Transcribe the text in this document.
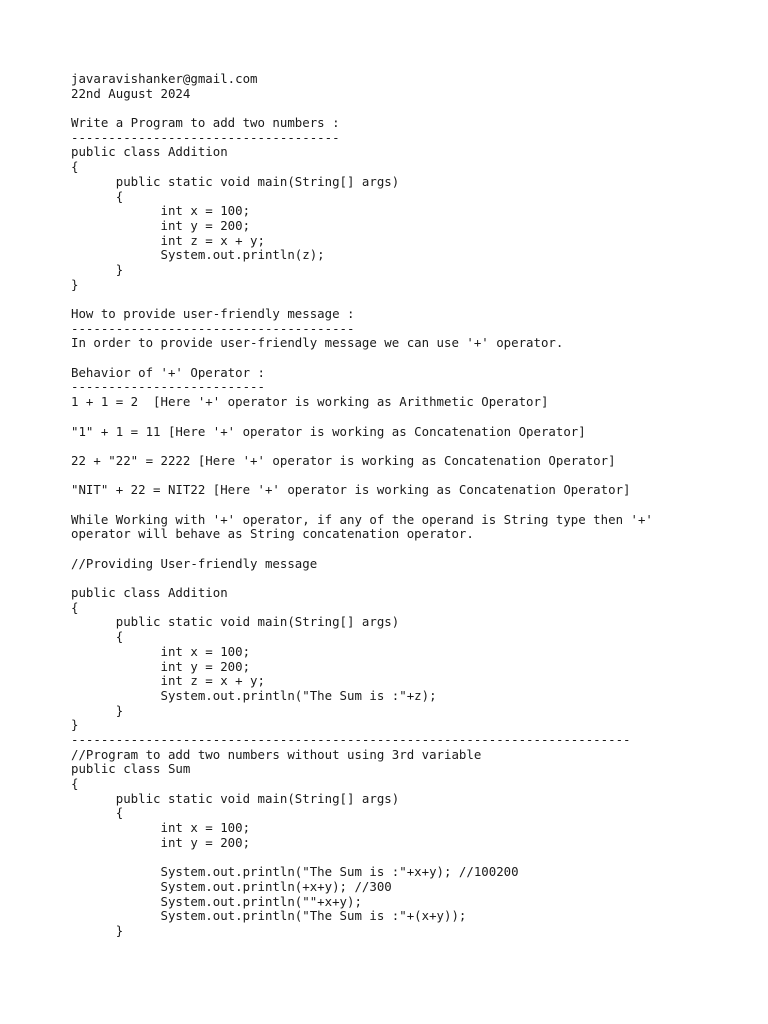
javaravishanker@gmail.com
22nd August 2024
Write a Program to add two numbers :
------------------------------------
public class Addition
{
public static void main(String[] args)
{
int x = 100;
int y = 200;
int z = x + y;
System.out.println(z);
}
}
How to provide user-friendly message :
--------------------------------------
In order to provide user-friendly message we can use '+' operator.
Behavior of '+' Operator :
--------------------------
1 + 1 = 2  [Here '+' operator is working as Arithmetic Operator]
"1" + 1 = 11 [Here '+' operator is working as Concatenation Operator]
22 + "22" = 2222 [Here '+' operator is working as Concatenation Operator]
"NIT" + 22 = NIT22 [Here '+' operator is working as Concatenation Operator]
While Working with '+' operator, if any of the operand is String type then '+'
operator will behave as String concatenation operator.
//Providing User-friendly message
public class Addition
{
public static void main(String[] args)
{
int x = 100;
int y = 200;
int z = x + y;
System.out.println("The Sum is :"+z);
}
}
---------------------------------------------------------------------------
//Program to add two numbers without using 3rd variable
public class Sum
{
public static void main(String[] args)
{
int x = 100;
int y = 200;
System.out.println("The Sum is :"+x+y); //100200
System.out.println(+x+y); //300
System.out.println(""+x+y);
System.out.println("The Sum is :"+(x+y));
}
